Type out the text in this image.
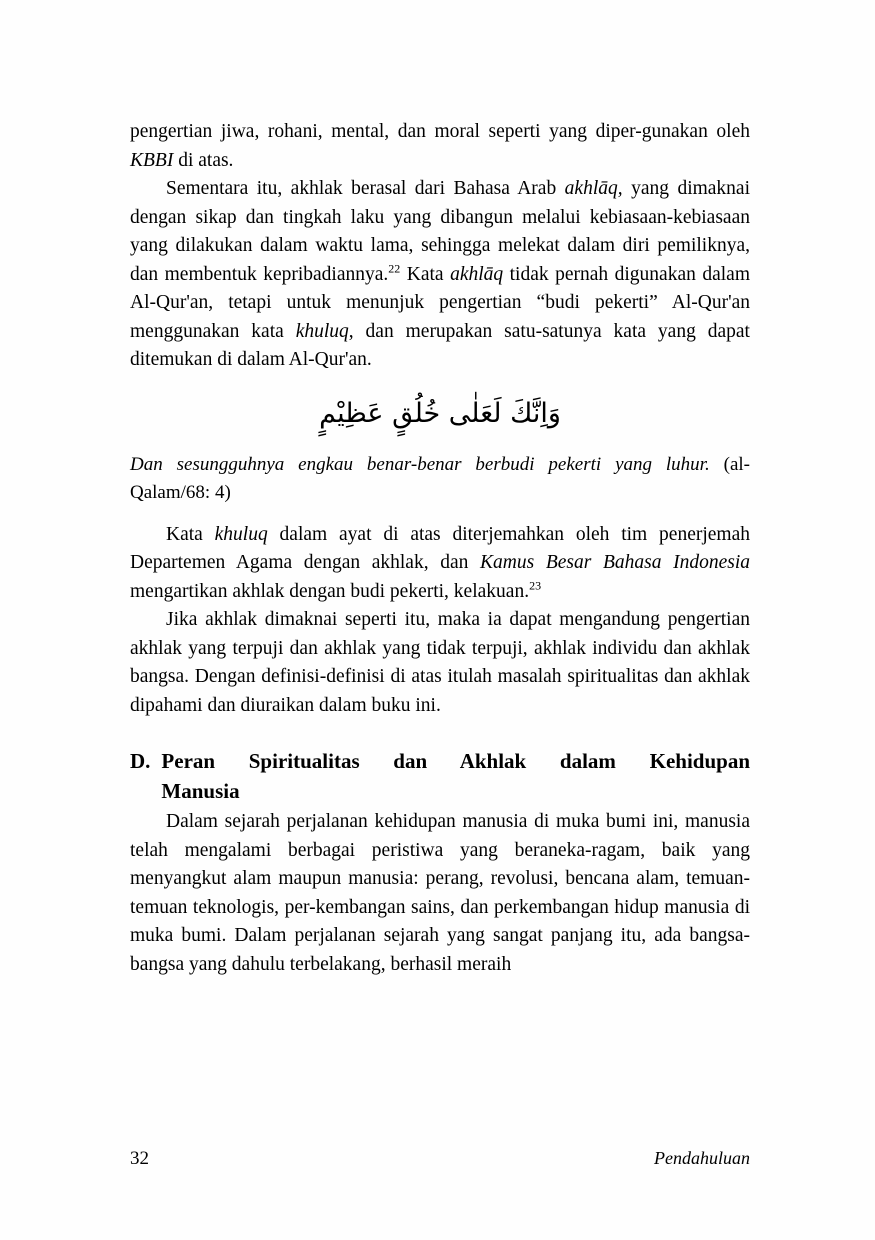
pengertian jiwa, rohani, mental, dan moral seperti yang diper-gunakan oleh KBBI di atas.

Sementara itu, akhlak berasal dari Bahasa Arab akhlāq, yang dimaknai dengan sikap dan tingkah laku yang dibangun melalui kebiasaan-kebiasaan yang dilakukan dalam waktu lama, sehingga melekat dalam diri pemiliknya, dan membentuk kepribadiannya.$^{22}$ Kata akhlāq tidak pernah digunakan dalam Al-Qur'an, tetapi untuk menunjuk pengertian “budi pekerti” Al-Qur'an menggunakan kata khuluq, dan merupakan satu-satunya kata yang dapat ditemukan di dalam Al-Qur'an.

وَاِنَّكَ لَعَلٰى خُلُقٍ عَظِيْمٍ

Dan sesungguhnya engkau benar-benar berbudi pekerti yang luhur. (al-Qalam/68: 4)

Kata khuluq dalam ayat di atas diterjemahkan oleh tim penerjemah Departemen Agama dengan akhlak, dan Kamus Besar Bahasa Indonesia mengartikan akhlak dengan budi pekerti, kelakuan.$^{23}$

Jika akhlak dimaknai seperti itu, maka ia dapat mengandung pengertian akhlak yang terpuji dan akhlak yang tidak terpuji, akhlak individu dan akhlak bangsa. Dengan definisi-definisi di atas itulah masalah spiritualitas dan akhlak dipahami dan diuraikan dalam buku ini.

D. Peran Spiritualitas dan Akhlak dalam Kehidupan
Manusia

Dalam sejarah perjalanan kehidupan manusia di muka bumi ini, manusia telah mengalami berbagai peristiwa yang beraneka-ragam, baik yang menyangkut alam maupun manusia: perang, revolusi, bencana alam, temuan-temuan teknologis, per-kembangan sains, dan perkembangan hidup manusia di muka bumi. Dalam perjalanan sejarah yang sangat panjang itu, ada bangsa-bangsa yang dahulu terbelakang, berhasil meraih

32	Pendahuluan
